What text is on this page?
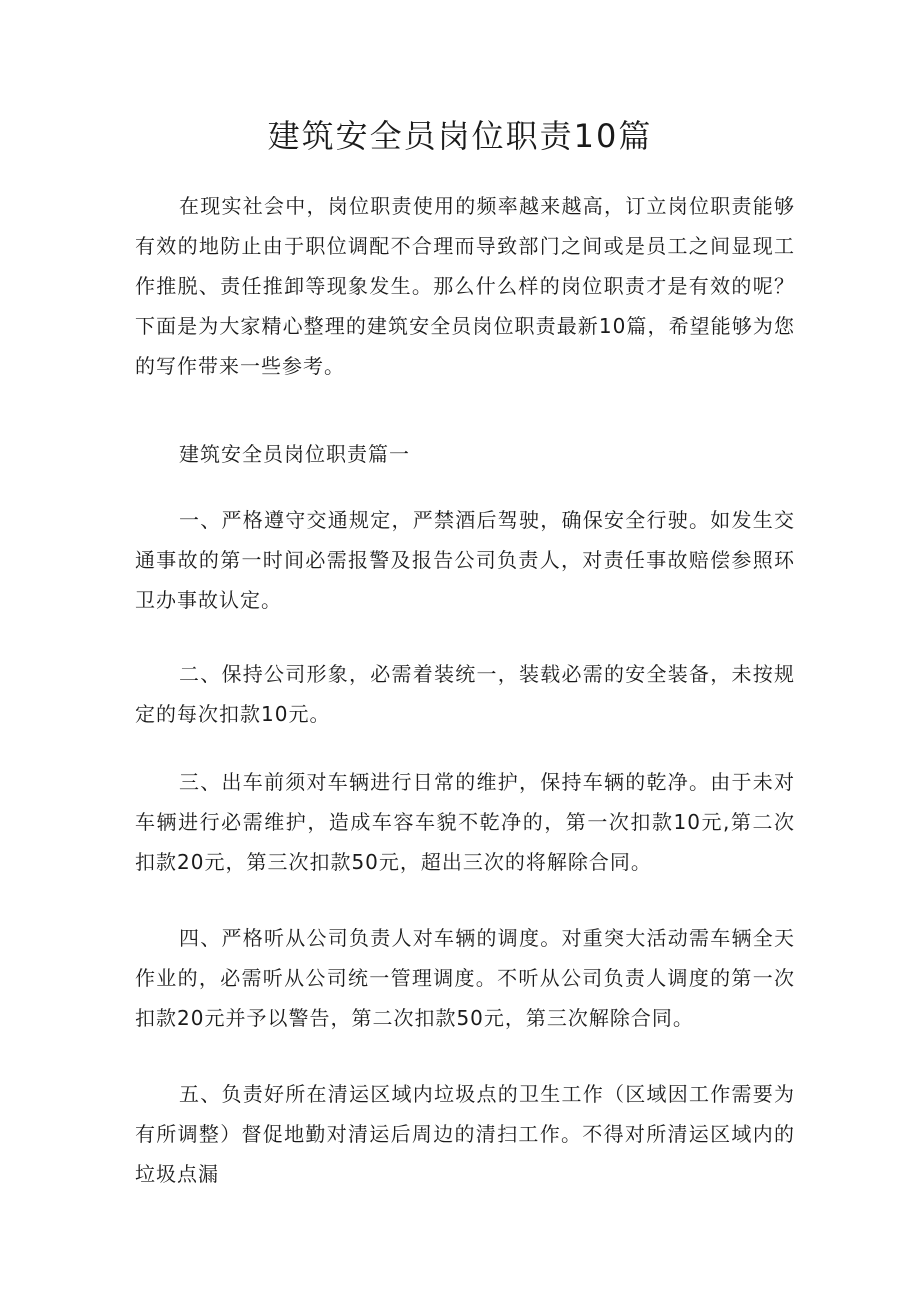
建筑安全员岗位职责10篇

在现实社会中，岗位职责使用的频率越来越高，订立岗位职责能够有效的地防止由于职位调配不合理而导致部门之间或是员工之间显现工作推脱、责任推卸等现象发生。那么什么样的岗位职责才是有效的呢？下面是为大家精心整理的建筑安全员岗位职责最新10篇，希望能够为您的写作带来一些参考。

建筑安全员岗位职责篇一

一、严格遵守交通规定，严禁酒后驾驶，确保安全行驶。如发生交通事故的第一时间必需报警及报告公司负责人，对责任事故赔偿参照环卫办事故认定。

二、保持公司形象，必需着装统一，装载必需的安全装备，未按规定的每次扣款10元。

三、出车前须对车辆进行日常的维护，保持车辆的乾净。由于未对车辆进行必需维护，造成车容车貌不乾净的，第一次扣款10元,第二次扣款20元，第三次扣款50元，超出三次的将解除合同。

四、严格听从公司负责人对车辆的调度。对重突大活动需车辆全天作业的，必需听从公司统一管理调度。不听从公司负责人调度的第一次扣款20元并予以警告，第二次扣款50元，第三次解除合同。

五、负责好所在清运区域内垃圾点的卫生工作（区域因工作需要为有所调整）督促地勤对清运后周边的清扫工作。不得对所清运区域内的垃圾点漏
